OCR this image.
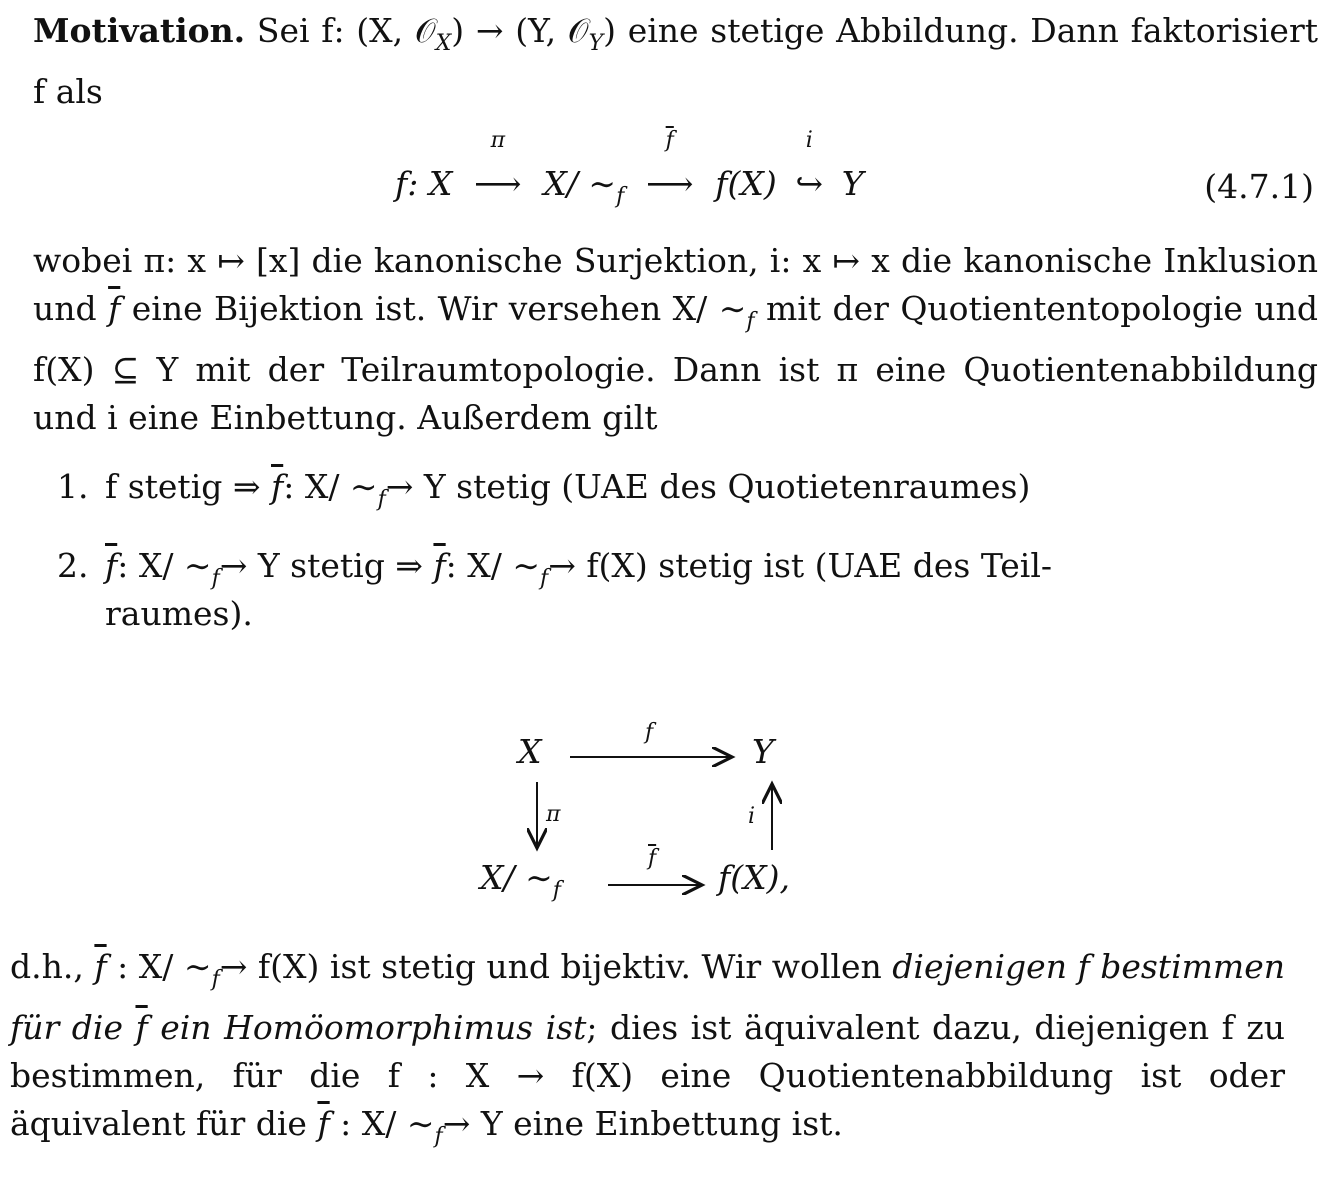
Motivation. Sei f: (X, 𝒪$_X$) → (Y, 𝒪$_Y$) eine stetige Abbildung. Dann faktorisiert f als
f: X
π
⟶ X/ $\sim_f$
$\overline{f}$
⟶ f(X)
i
↪ Y	(4.7.1)
wobei π: x ↦ [x] die kanonische Surjektion, i: x ↦ x die kanonische Inklusion und $\overline{f}$ eine Bijektion ist. Wir versehen X/ $\sim_f$ mit der Quotiententopologie und f(X) ⊆ Y mit der Teilraumtopologie. Dann ist π eine Quotientenabbildung und i eine Einbettung. Außerdem gilt
1. f stetig ⇒ $\overline{f}$: X/ $\sim_f\to Y$ stetig (UAE des Quotietenraumes)
2. $\overline{f}$: X/ $\sim_f\to Y$ stetig ⇒ $\overline{f}$: X/ $\sim_f\to f(X)$ stetig ist (UAE des Teil-
raumes).
X	Y
X/ $\sim_f$	f(X),
f
π	i
$\overline{f}$
d.h., $\overline{f}$ : X/ $\sim_f\to f(X)$ ist stetig und bijektiv. Wir wollen diejenigen f bestimmen für die $\overline{f}$ ein Homöomorphimus ist; dies ist äquivalent dazu, diejenigen f zu bestimmen, für die f : X → f(X) eine Quotientenabbildung ist oder äquivalent für die $\overline{f}$ : X/ $\sim_f\to Y$ eine Einbettung ist.
